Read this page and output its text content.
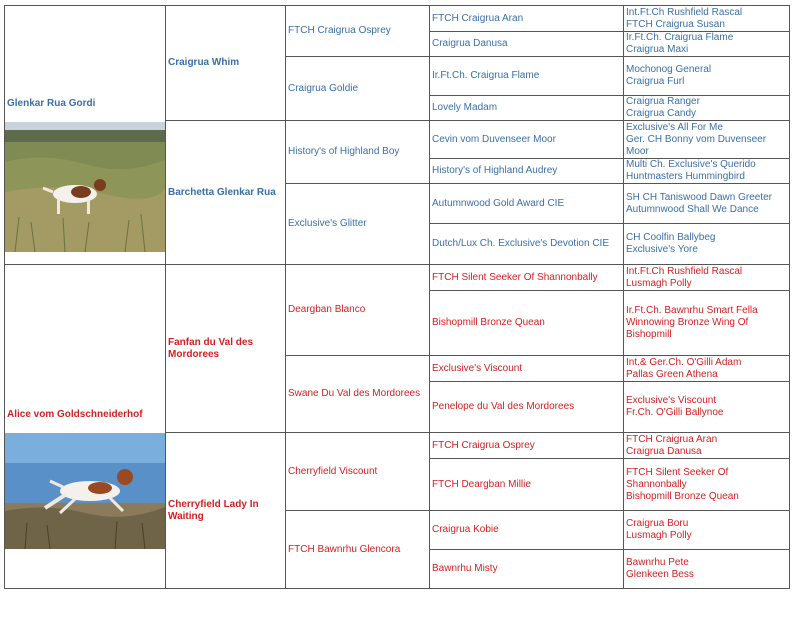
Glenkar Rua Gordi	Craigrua Whim	FTCH Craigrua Osprey	FTCH Craigrua Aran	Int.Ft.Ch Rushfield Rascal
FTCH Craigrua Susan

			Craigrua Danusa	Ir.Ft.Ch. Craigrua Flame
Craigrua Maxi

		Craigrua Goldie	Ir.Ft.Ch. Craigrua Flame	Mochonog General
Craigrua Furl

			Lovely Madam	Craigrua Ranger
Craigrua Candy

	Barchetta Glenkar Rua	History's of Highland Boy	Cevin vom Duvenseer Moor	Exclusive's All For Me
Ger. CH Bonny vom Duvenseer Moor

			History's of Highland Audrey	Multi Ch. Exclusive's Querido
Huntmasters Hummingbird

		Exclusive's Glitter	Autumnwood Gold Award CIE	SH CH Taniswood Dawn Greeter
Autumnwood Shall We Dance

			Dutch/Lux Ch. Exclusive's Devotion CIE	CH Coolfin Ballybeg
Exclusive's Yore

Alice vom Goldschneiderhof	Fanfan du Val des Mordorees	Deargban Blanco	FTCH Silent Seeker Of Shannonbally	Int.Ft.Ch Rushfield Rascal
Lusmagh Polly

			Bishopmill Bronze Quean	Ir.Ft.Ch. Bawnrhu Smart Fella
Winnowing Bronze Wing Of Bishopmill

		Swane Du Val des Mordorees	Exclusive's Viscount	Int.& Ger.Ch. O'Gilli Adam
Pallas Green Athena

			Penelope du Val des Mordorees	Exclusive's Viscount
Fr.Ch. O'Gilli Ballynoe

	Cherryfield Lady In Waiting	Cherryfield Viscount	FTCH Craigrua Osprey	FTCH Craigrua Aran
Craigrua Danusa

			FTCH Deargban Millie	FTCH Silent Seeker Of Shannonbally
Bishopmill Bronze Quean

		FTCH Bawnrhu Glencora	Craigrua Kobie	Craigrua Boru
Lusmagh Polly

			Bawnrhu Misty	Bawnrhu Pete
Glenkeen Bess
